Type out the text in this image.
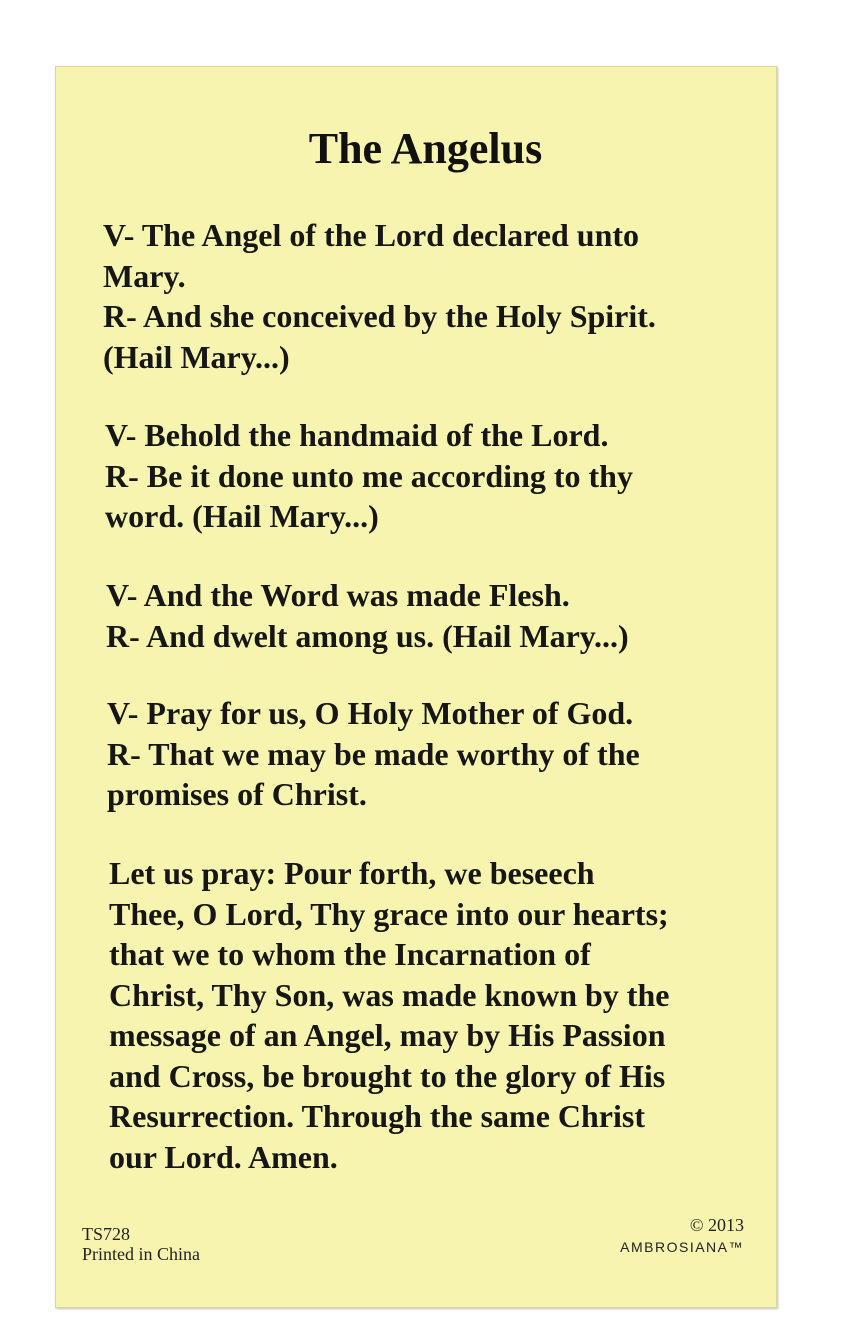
The Angelus
V- The Angel of the Lord declared unto
Mary.
R- And she conceived by the Holy Spirit.
(Hail Mary...)
V- Behold the handmaid of the Lord.
R- Be it done unto me according to thy
word. (Hail Mary...)
V- And the Word was made Flesh.
R- And dwelt among us. (Hail Mary...)
V- Pray for us, O Holy Mother of God.
R- That we may be made worthy of the
promises of Christ.
Let us pray: Pour forth, we beseech
Thee, O Lord, Thy grace into our hearts;
that we to whom the Incarnation of
Christ, Thy Son, was made known by the
message of an Angel, may by His Passion
and Cross, be brought to the glory of His
Resurrection. Through the same Christ
our Lord. Amen.
TS728
Printed in China
© 2013
AMBROSIANA™
